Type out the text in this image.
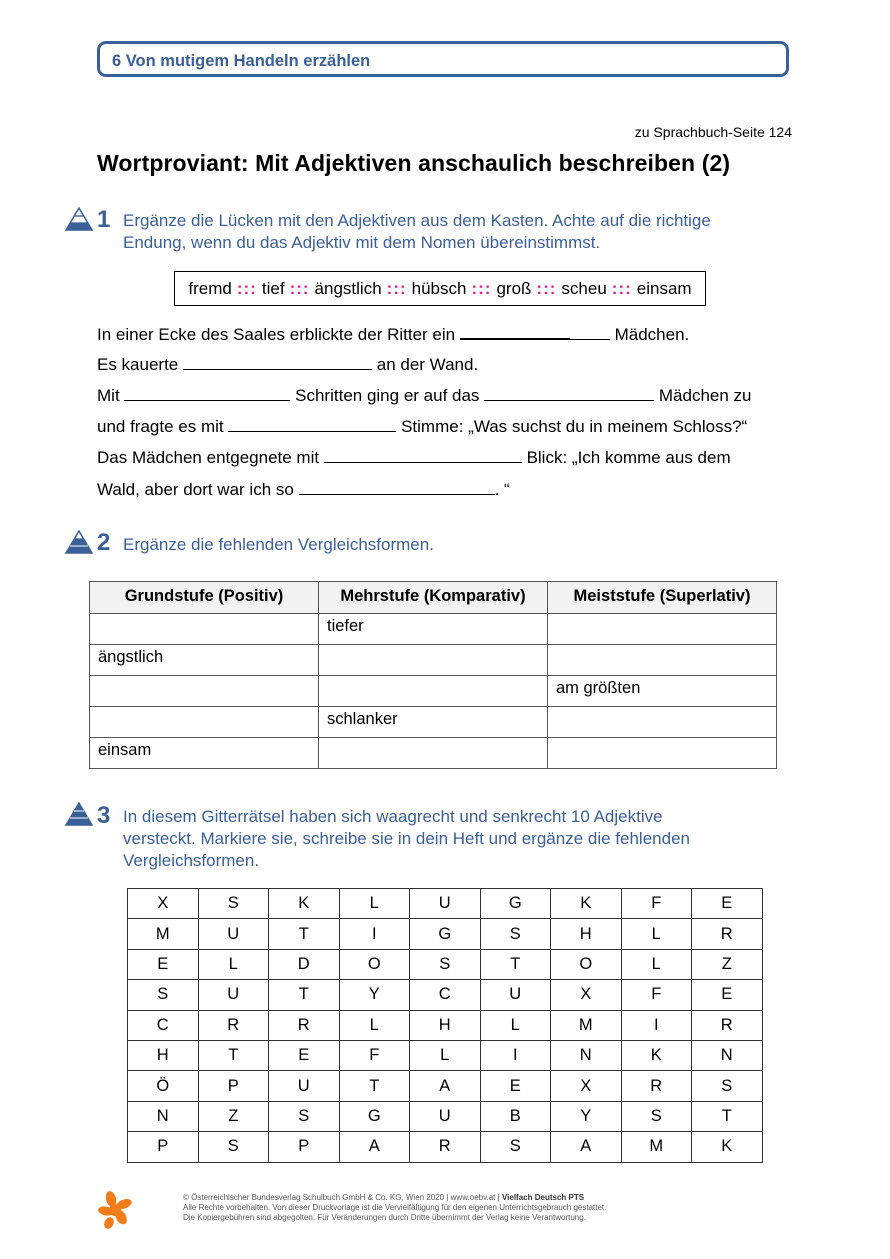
6 Von mutigem Handeln erzählen
zu Sprachbuch-Seite 124
Wortproviant: Mit Adjektiven anschaulich beschreiben (2)
1 Ergänze die Lücken mit den Adjektiven aus dem Kasten. Achte auf die richtige
Endung, wenn du das Adjektiv mit dem Nomen übereinstimmst.
fremd ::: tief ::: ängstlich ::: hübsch ::: groß ::: scheu ::: einsam
In einer Ecke des Saales erblickte der Ritter ein	Mädchen.
Es kauerte	an der Wand.
Mit	Schritten ging er auf das	Mädchen zu
und fragte es mit	Stimme: „Was suchst du in meinem Schloss?“
Das Mädchen entgegnete mit	Blick: „Ich komme aus dem
Wald, aber dort war ich so	. “
2 Ergänze die fehlenden Vergleichsformen.
Grundstufe (Positiv)	Mehrstufe (Komparativ)	Meiststufe (Superlativ)
	tiefer	
ängstlich		
		am größten
	schlanker	
einsam		
3 In diesem Gitterrätsel haben sich waagrecht und senkrecht 10 Adjektive
versteckt. Markiere sie, schreibe sie in dein Heft und ergänze die fehlenden
Vergleichsformen.
X	S	K	L	U	G	K	F	E
M	U	T	I	G	S	H	L	R
E	L	D	O	S	T	O	L	Z
S	U	T	Y	C	U	X	F	E
C	R	R	L	H	L	M	I	R
H	T	E	F	L	I	N	K	N
Ö	P	U	T	A	E	X	R	S
N	Z	S	G	U	B	Y	S	T
P	S	P	A	R	S	A	M	K
© Österreichischer Bundesverlag Schulbuch GmbH & Co. KG, Wien 2020 | www.oebv.at | Vielfach Deutsch PTS
Alle Rechte vorbehalten. Von dieser Druckvorlage ist die Vervielfältigung für den eigenen Unterrichtsgebrauch gestattet.
Die Kopiergebühren sind abgegolten. Für Veränderungen durch Dritte übernimmt der Verlag keine Verantwortung.
